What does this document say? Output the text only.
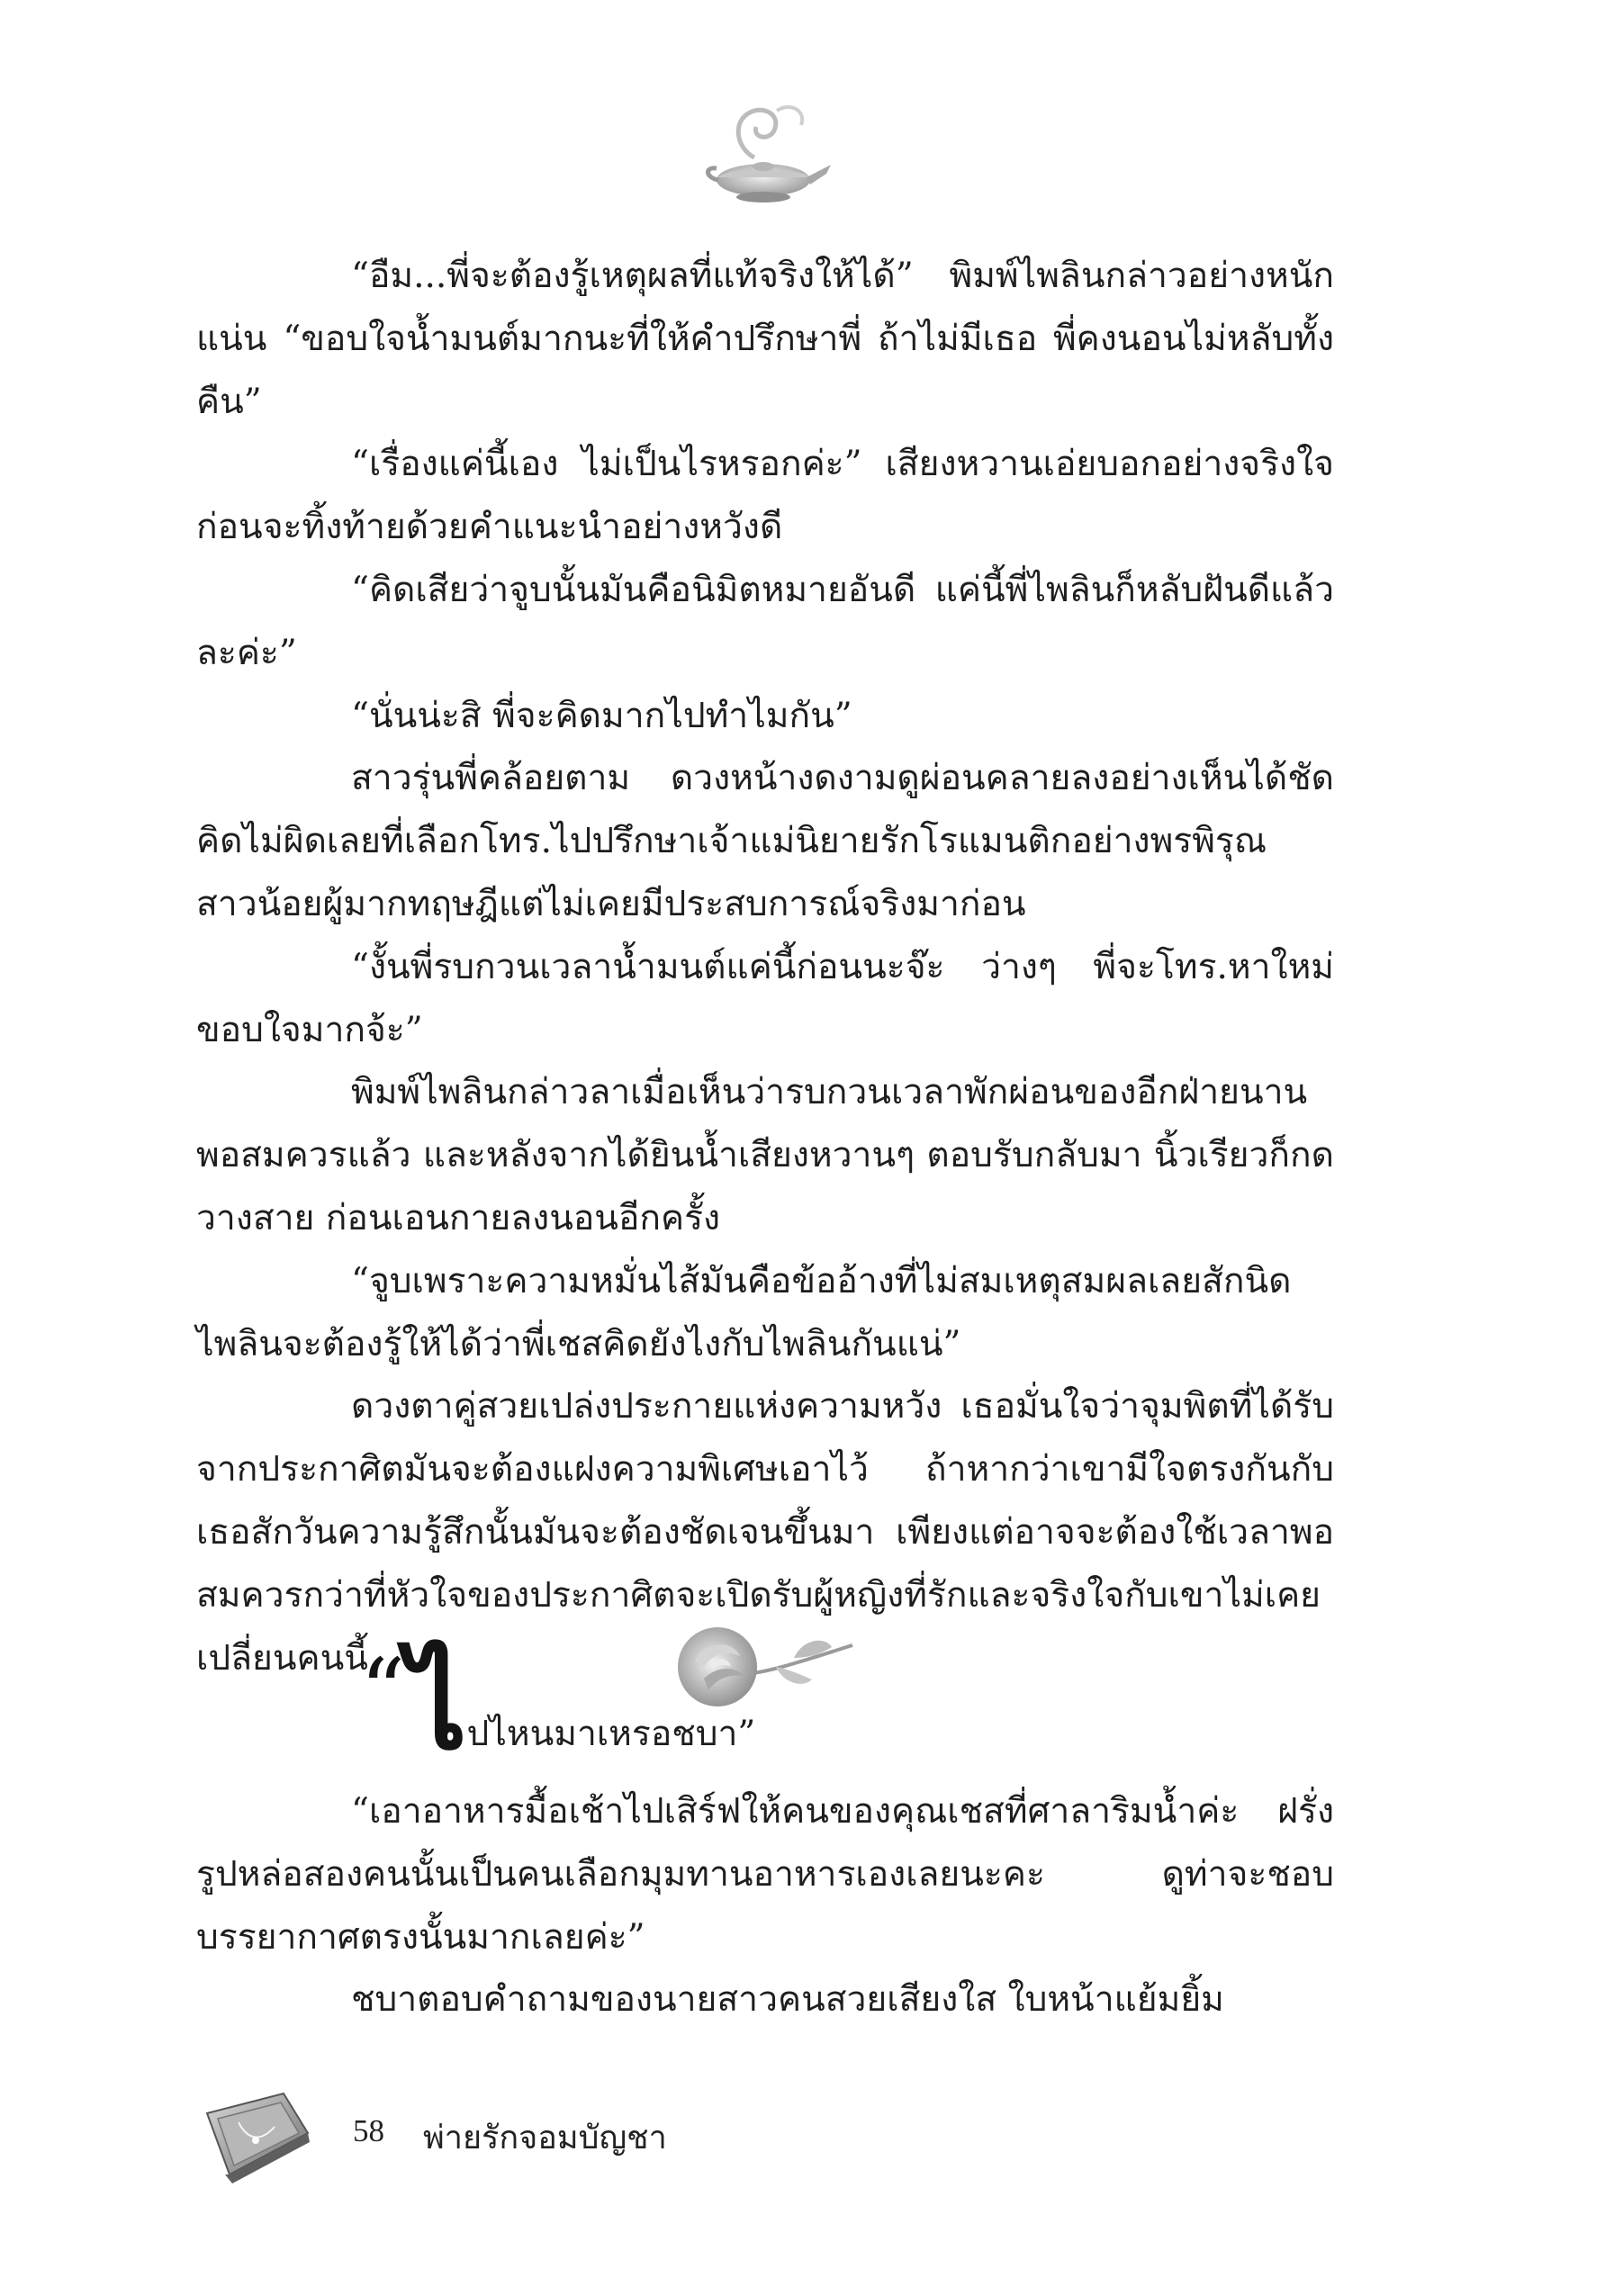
“อืม...พี่จะต้องรู้เหตุผลที่แท้จริงให้ได้” พิมพ์ไพลินกล่าวอย่างหนักแน่น “ขอบใจน้ำมนต์มากนะที่ให้คำปรึกษาพี่ ถ้าไม่มีเธอ พี่คงนอนไม่หลับทั้งคืน”

“เรื่องแค่นี้เอง ไม่เป็นไรหรอกค่ะ” เสียงหวานเอ่ยบอกอย่างจริงใจก่อนจะทิ้งท้ายด้วยคำแนะนำอย่างหวังดี

“คิดเสียว่าจูบนั้นมันคือนิมิตหมายอันดี แค่นี้พี่ไพลินก็หลับฝันดีแล้วละค่ะ”

“นั่นน่ะสิ พี่จะคิดมากไปทำไมกัน”

สาวรุ่นพี่คล้อยตาม ดวงหน้างดงามดูผ่อนคลายลงอย่างเห็นได้ชัด คิดไม่ผิดเลยที่เลือกโทร.ไปปรึกษาเจ้าแม่นิยายรักโรแมนติกอย่างพรพิรุณ สาวน้อยผู้มากทฤษฎีแต่ไม่เคยมีประสบการณ์จริงมาก่อน

“งั้นพี่รบกวนเวลาน้ำมนต์แค่นี้ก่อนนะจ๊ะ ว่างๆ พี่จะโทร.หาใหม่ขอบใจมากจ้ะ”

พิมพ์ไพลินกล่าวลาเมื่อเห็นว่ารบกวนเวลาพักผ่อนของอีกฝ่ายนานพอสมควรแล้ว และหลังจากได้ยินน้ำเสียงหวานๆ ตอบรับกลับมา นิ้วเรียวก็กดวางสาย ก่อนเอนกายลงนอนอีกครั้ง

“จูบเพราะความหมั่นไส้มันคือข้ออ้างที่ไม่สมเหตุสมผลเลยสักนิด ไพลินจะต้องรู้ให้ได้ว่าพี่เชสคิดยังไงกับไพลินกันแน่”

ดวงตาคู่สวยเปล่งประกายแห่งความหวัง เธอมั่นใจว่าจุมพิตที่ได้รับจากประกาศิตมันจะต้องแฝงความพิเศษเอาไว้ ถ้าหากว่าเขามีใจตรงกันกับเธอสักวันความรู้สึกนั้นมันจะต้องชัดเจนขึ้นมา เพียงแต่อาจจะต้องใช้เวลาพอสมควรกว่าที่หัวใจของประกาศิตจะเปิดรับผู้หญิงที่รักและจริงใจกับเขาไม่เคยเปลี่ยนคนนี้

“ ไ ปไหนมาเหรอชบา”

“เอาอาหารมื้อเช้าไปเสิร์ฟให้คนของคุณเชสที่ศาลาริมน้ำค่ะ ฝรั่งรูปหล่อสองคนนั้นเป็นคนเลือกมุมทานอาหารเองเลยนะคะ ดูท่าจะชอบบรรยากาศตรงนั้นมากเลยค่ะ”

ชบาตอบคำถามของนายสาวคนสวยเสียงใส ใบหน้าแย้มยิ้ม

58 พ่ายรักจอมบัญชา
